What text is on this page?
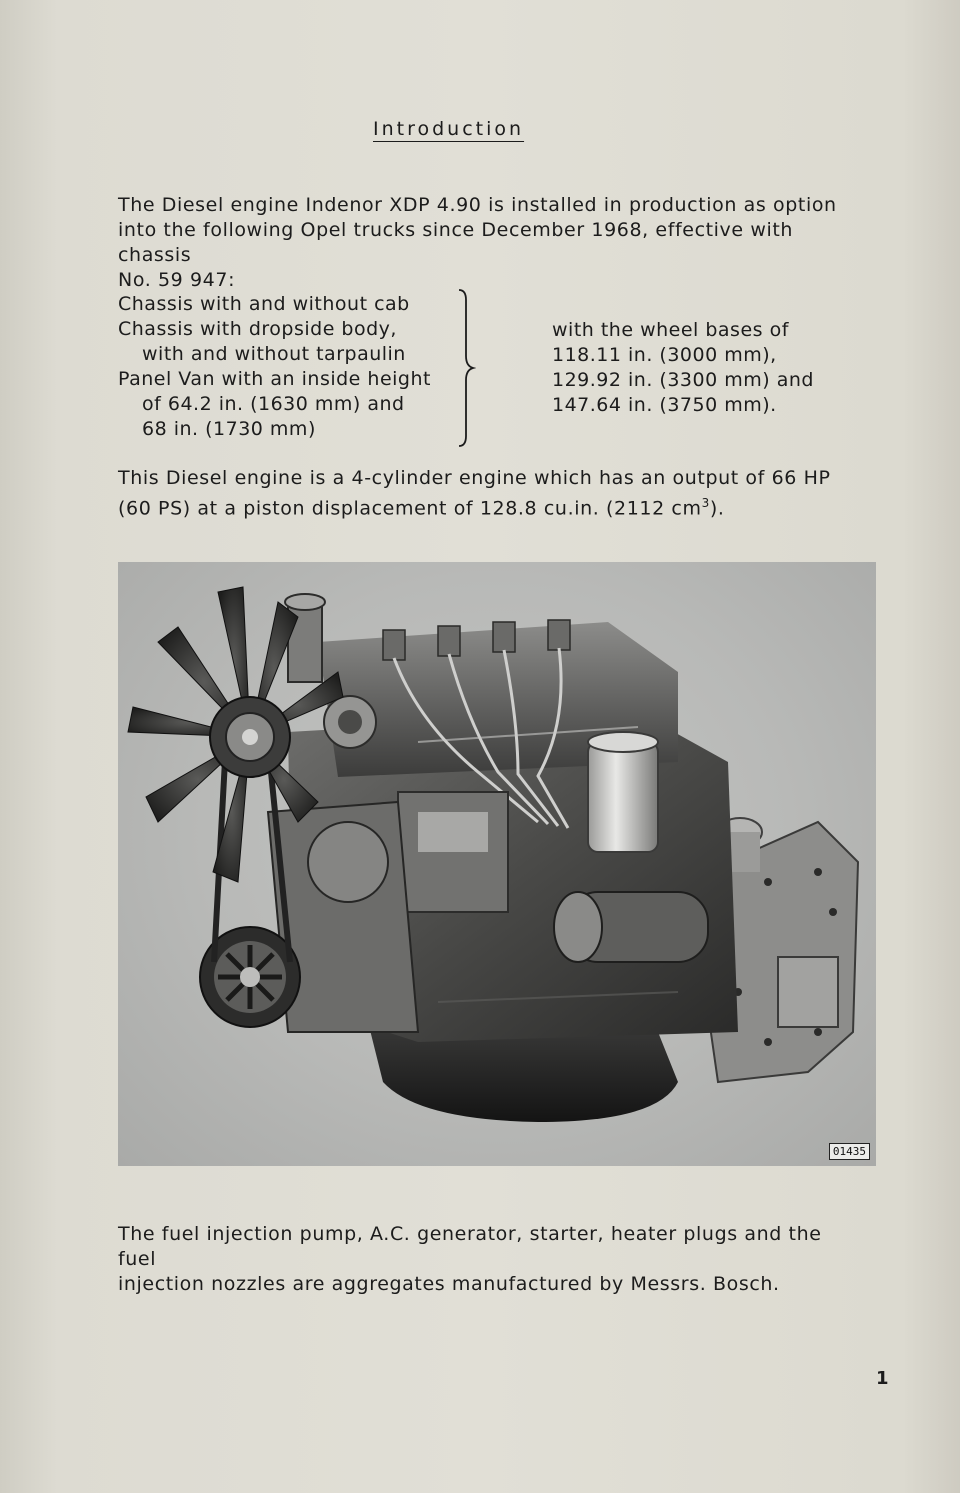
Introduction
The Diesel engine Indenor XDP 4.90 is installed in production as option
into the following Opel trucks since December 1968, effective with chassis
No. 59 947:
Chassis with and without cab
Chassis with dropside body,
with and without tarpaulin
Panel Van with an inside height
of 64.2 in. (1630 mm) and
68 in. (1730 mm)
with the wheel bases of
118.11 in. (3000 mm),
129.92 in. (3300 mm) and
147.64 in. (3750 mm).
This Diesel engine is a 4-cylinder engine which has an output of 66 HP
(60 PS) at a piston displacement of 128.8 cu.in. (2112 $cm^3$).
01435
The fuel injection pump, A.C. generator, starter, heater plugs and the fuel
injection nozzles are aggregates manufactured by Messrs. Bosch.
1
